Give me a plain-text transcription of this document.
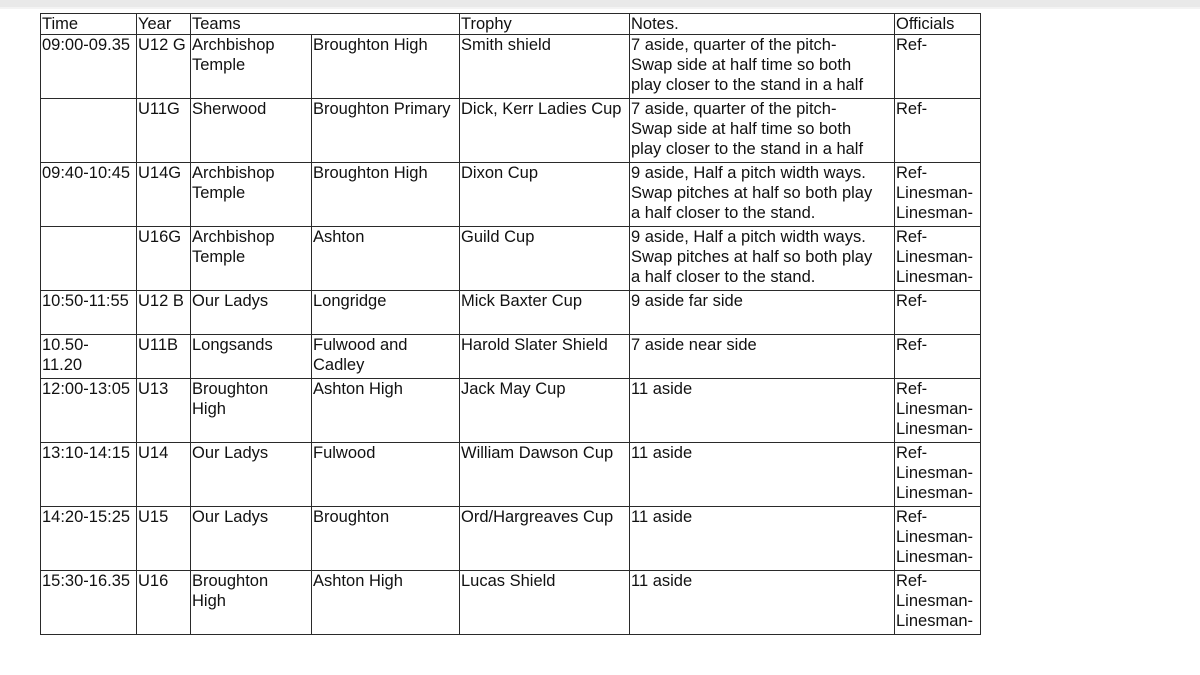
Time	Year	Teams		Trophy	Notes.	Officials

09:00-09.35	U12 G	Archbishop
Temple	Broughton High	Smith shield	7 aside, quarter of the pitch-
Swap side at half time so both
play closer to the stand in a half	Ref-

	U11G	Sherwood	Broughton Primary	Dick, Kerr Ladies Cup	7 aside, quarter of the pitch-
Swap side at half time so both
play closer to the stand in a half	Ref-

09:40-10:45	U14G	Archbishop
Temple	Broughton High	Dixon Cup	9 aside, Half a pitch width ways.
Swap pitches at half so both play
a half closer to the stand.	Ref-
Linesman-
Linesman-

	U16G	Archbishop
Temple	Ashton	Guild Cup	9 aside, Half a pitch width ways.
Swap pitches at half so both play
a half closer to the stand.	Ref-
Linesman-
Linesman-

10:50-11:55	U12 B	Our Ladys	Longridge	Mick Baxter Cup	9 aside far side	Ref-

10.50-
11.20	U11B	Longsands	Fulwood and
Cadley	Harold Slater Shield	7 aside near side	Ref-

12:00-13:05	U13	Broughton
High	Ashton High	Jack May Cup	11 aside	Ref-
Linesman-
Linesman-

13:10-14:15	U14	Our Ladys	Fulwood	William Dawson Cup	11 aside	Ref-
Linesman-
Linesman-

14:20-15:25	U15	Our Ladys	Broughton	Ord/Hargreaves Cup	11 aside	Ref-
Linesman-
Linesman-

15:30-16.35	U16	Broughton
High	Ashton High	Lucas Shield	11 aside	Ref-
Linesman-
Linesman-
